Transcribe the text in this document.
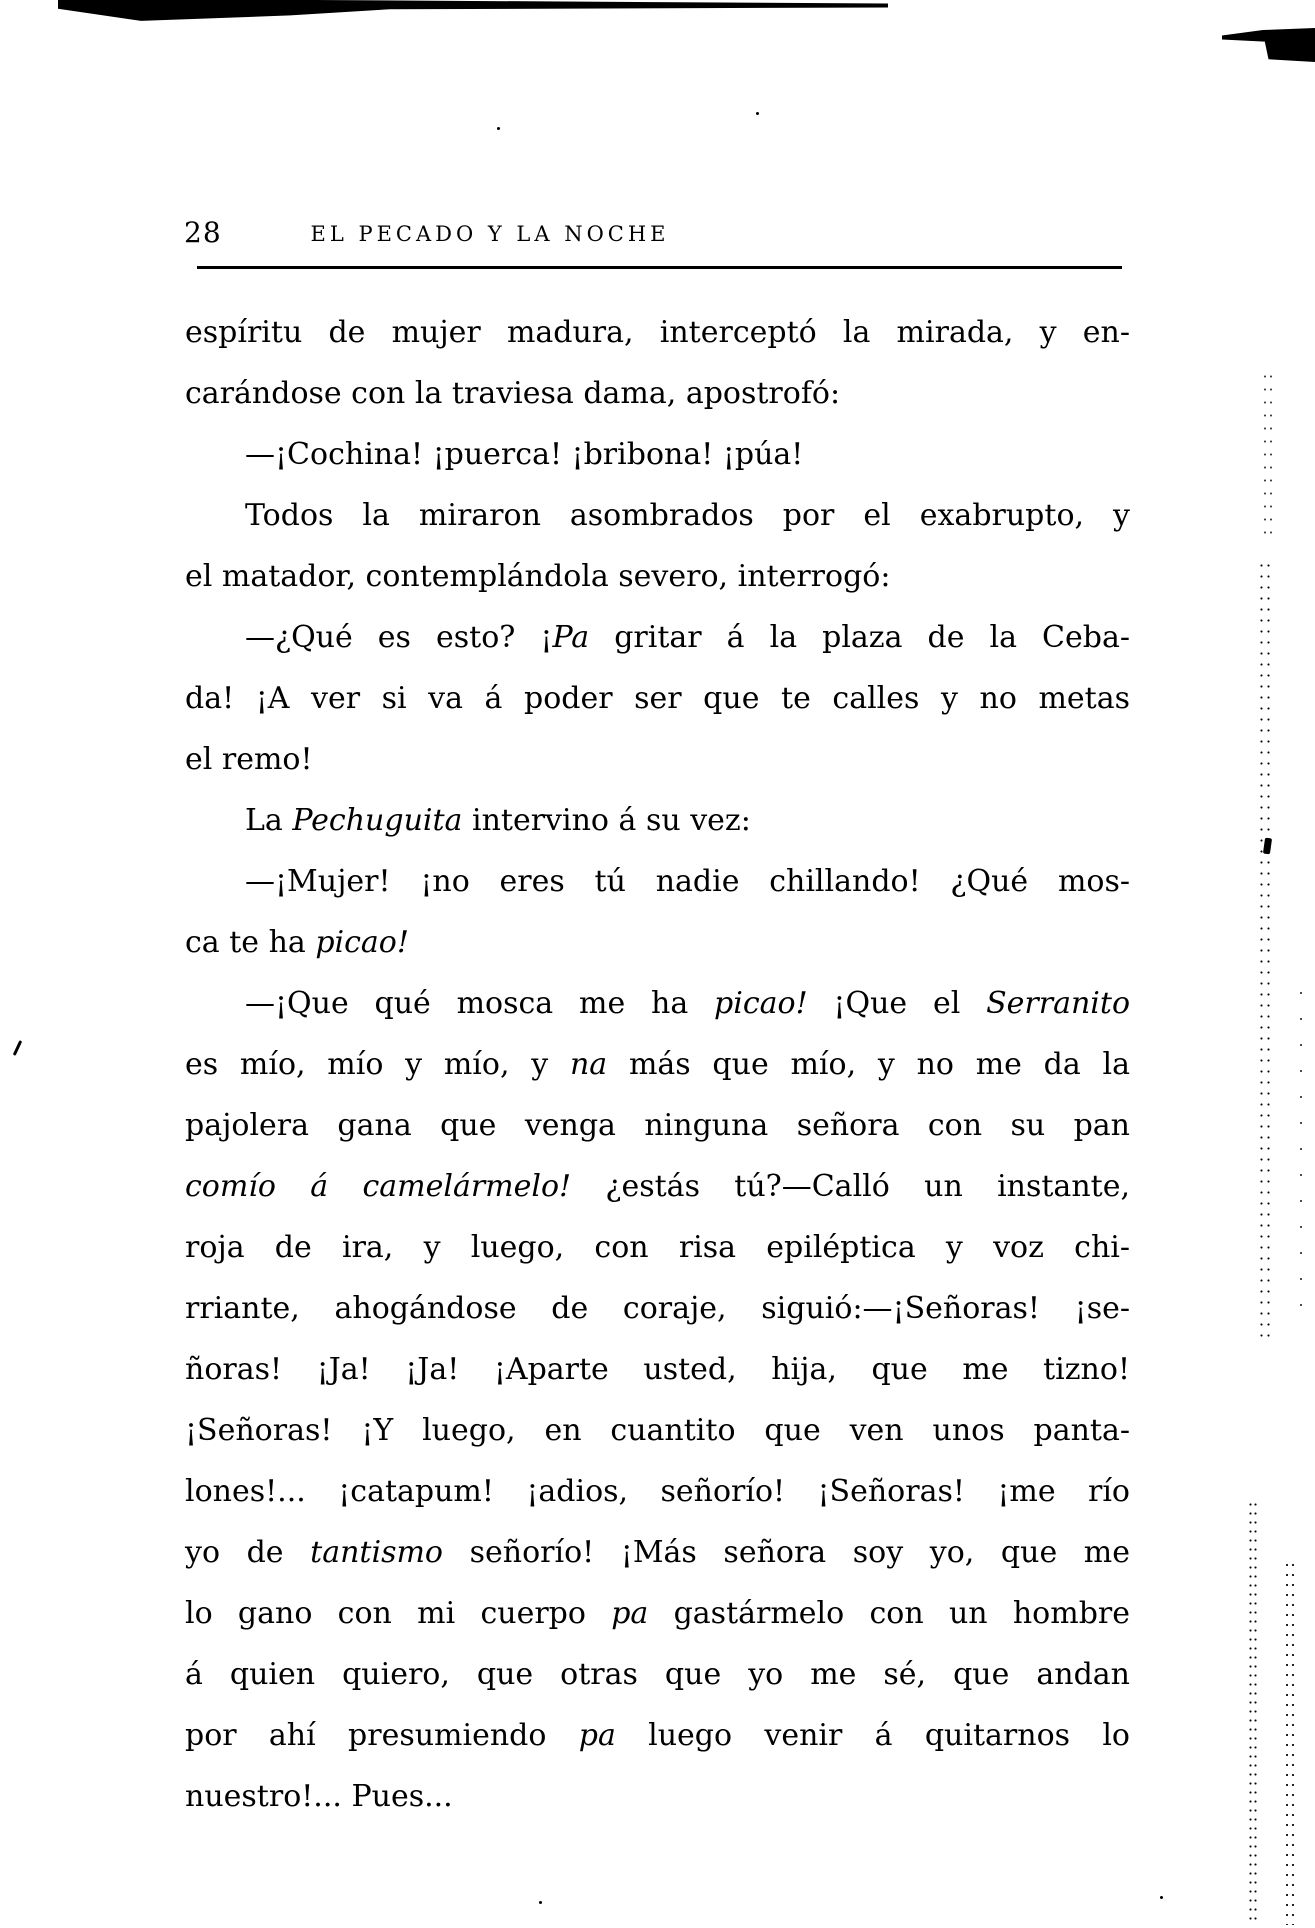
28	EL PECADO Y LA NOCHE
espíritu de mujer madura, interceptó la mirada, y en-
carándose con la traviesa dama, apostrofó:
—¡Cochina! ¡puerca! ¡bribona! ¡púa!
Todos la miraron asombrados por el exabrupto, y
el matador, contemplándola severo, interrogó:
—¿Qué es esto? ¡Pa gritar á la plaza de la Ceba-
da! ¡A ver si va á poder ser que te calles y no metas
el remo!
La Pechuguita intervino á su vez:
—¡Mujer! ¡no eres tú nadie chillando! ¿Qué mos-
ca te ha picao!
—¡Que qué mosca me ha picao! ¡Que el Serranito
es mío, mío y mío, y na más que mío, y no me da la
pajolera gana que venga ninguna señora con su pan
comío á camelármelo! ¿estás tú?—Calló un instante,
roja de ira, y luego, con risa epiléptica y voz chi-
rriante, ahogándose de coraje, siguió:—¡Señoras! ¡se-
ñoras! ¡Ja! ¡Ja! ¡Aparte usted, hija, que me tizno!
¡Señoras! ¡Y luego, en cuantito que ven unos panta-
lones!... ¡catapum! ¡adios, señorío! ¡Señoras! ¡me río
yo de tantismo señorío! ¡Más señora soy yo, que me
lo gano con mi cuerpo pa gastármelo con un hombre
á quien quiero, que otras que yo me sé, que andan
por ahí presumiendo pa luego venir á quitarnos lo
nuestro!... Pues...
